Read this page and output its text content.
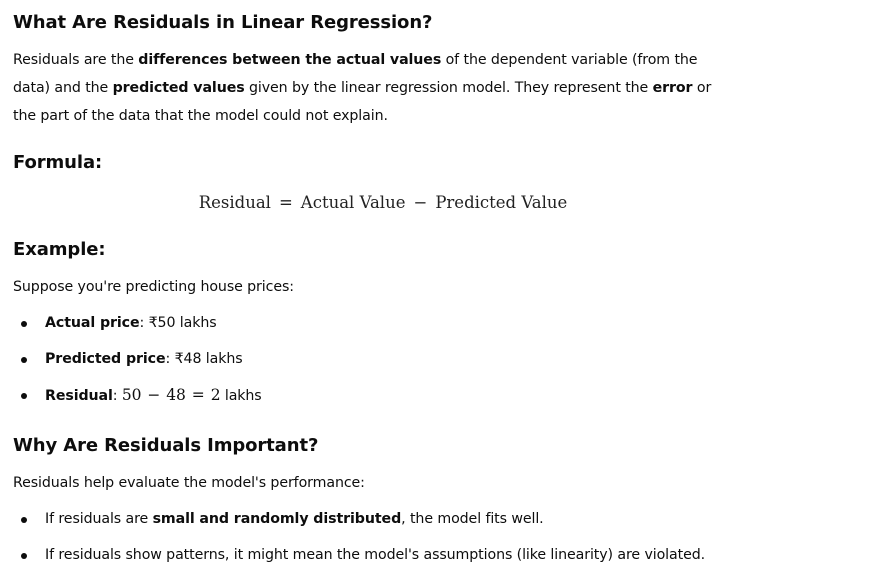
What Are Residuals in Linear Regression?

Residuals are the differences between the actual values of the dependent variable (from the data) and the predicted values given by the linear regression model. They represent the error or the part of the data that the model could not explain.

Formula:
Residual = Actual Value − Predicted Value
Example:

Suppose you're predicting house prices:

Actual price: ₹50 lakhs
Predicted price: ₹48 lakhs
Residual: 50 − 48 = 2 lakhs
Why Are Residuals Important?

Residuals help evaluate the model's performance:

If residuals are small and randomly distributed, the model fits well.
If residuals show patterns, it might mean the model's assumptions (like linearity) are violated.
